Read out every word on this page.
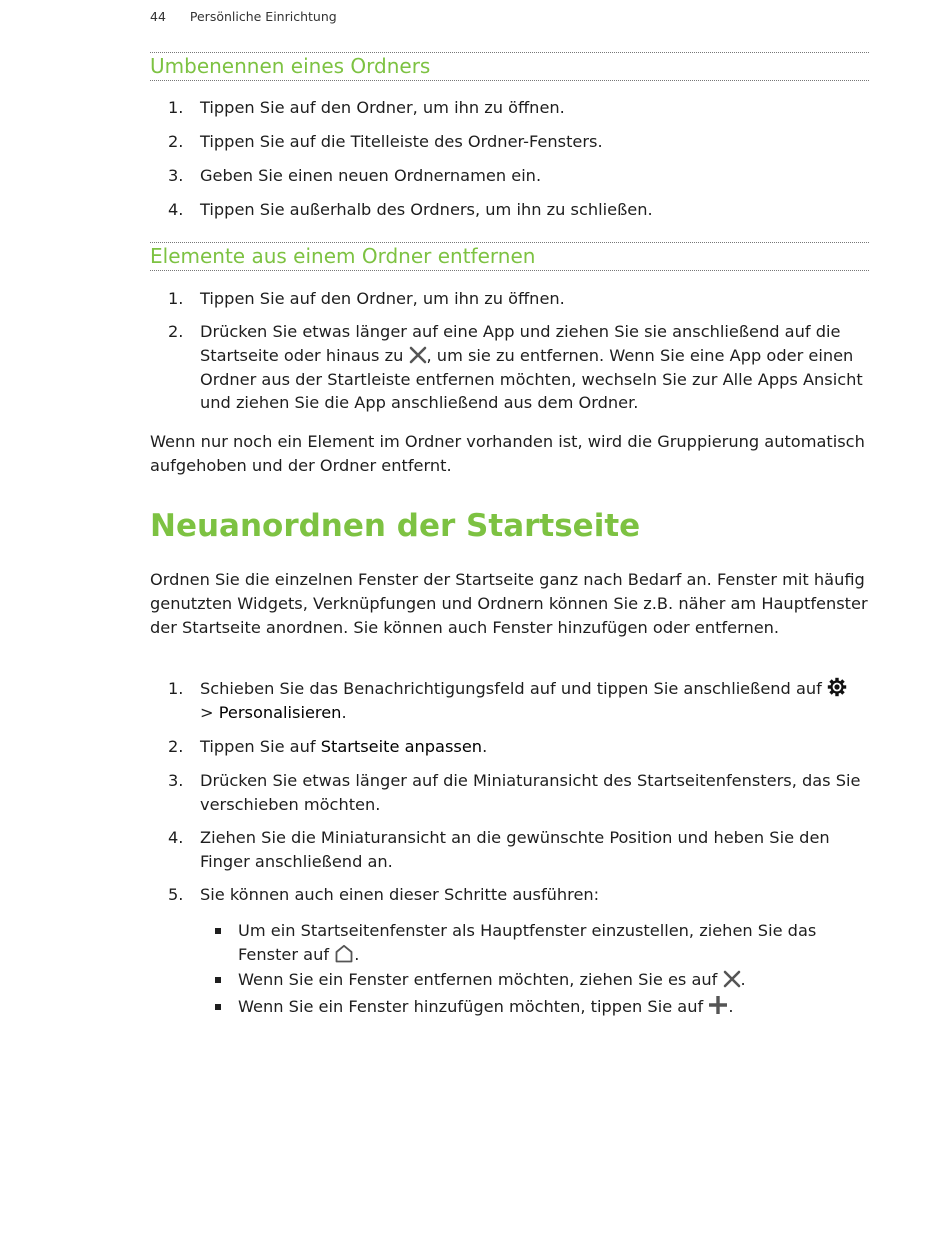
44 Persönliche Einrichtung
Umbenennen eines Ordners
1. Tippen Sie auf den Ordner, um ihn zu öffnen.
2. Tippen Sie auf die Titelleiste des Ordner-Fensters.
3. Geben Sie einen neuen Ordnernamen ein.
4. Tippen Sie außerhalb des Ordners, um ihn zu schließen.
Elemente aus einem Ordner entfernen
1. Tippen Sie auf den Ordner, um ihn zu öffnen.
2. Drücken Sie etwas länger auf eine App und ziehen Sie sie anschließend auf die Startseite oder hinaus zu
, um sie zu entfernen. Wenn Sie eine App oder einen Ordner aus der Startleiste entfernen möchten, wechseln Sie zur Alle Apps Ansicht und ziehen Sie die App anschließend aus dem Ordner.

Wenn nur noch ein Element im Ordner vorhanden ist, wird die Gruppierung automatisch aufgehoben und der Ordner entfernt.

Neuanordnen der Startseite

Ordnen Sie die einzelnen Fenster der Startseite ganz nach Bedarf an. Fenster mit häufig genutzten Widgets, Verknüpfungen und Ordnern können Sie z.B. näher am Hauptfenster der Startseite anordnen. Sie können auch Fenster hinzufügen oder entfernen.

1. Schieben Sie das Benachrichtigungsfeld auf und tippen Sie anschließend auf

> Personalisieren.
2. Tippen Sie auf Startseite anpassen.
3. Drücken Sie etwas länger auf die Miniaturansicht des Startseitenfensters, das Sie verschieben möchten.
4. Ziehen Sie die Miniaturansicht an die gewünschte Position und heben Sie den Finger anschließend an.
5. Sie können auch einen dieser Schritte ausführen:
Um ein Startseitenfenster als Hauptfenster einzustellen, ziehen Sie das Fenster auf
.
Wenn Sie ein Fenster entfernen möchten, ziehen Sie es auf
.
Wenn Sie ein Fenster hinzufügen möchten, tippen Sie auf
.
